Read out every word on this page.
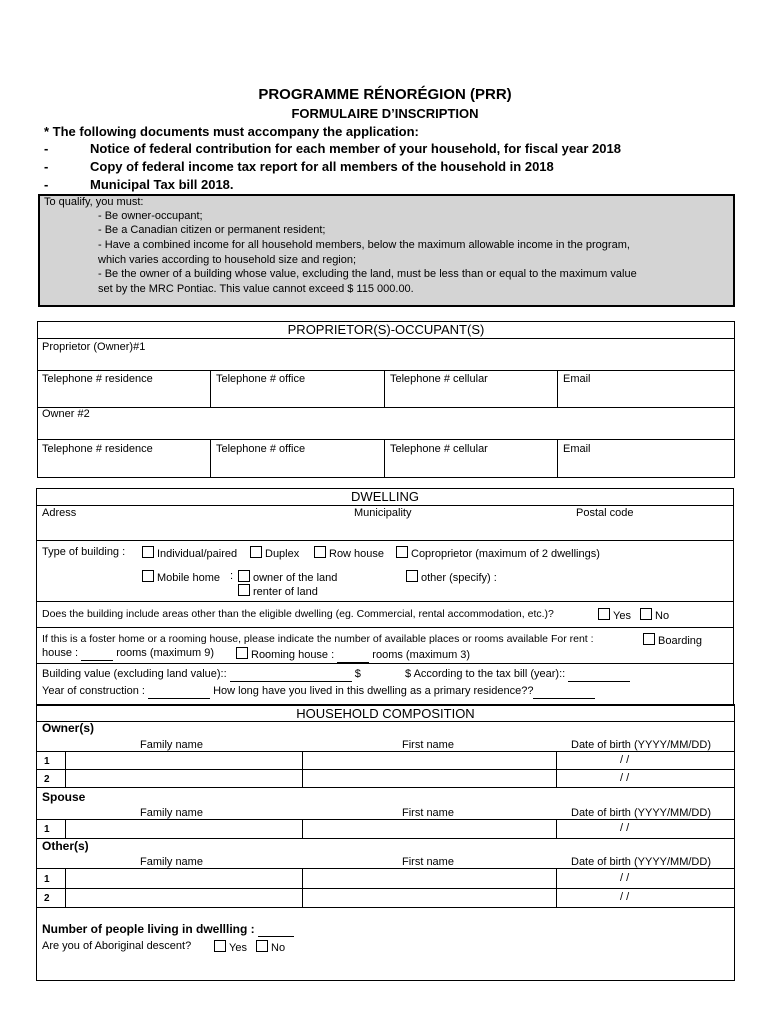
PROGRAMME RÉNORÉGION (PRR)
FORMULAIRE D’INSCRIPTION
* The following documents must accompany the application:
-	Notice of federal contribution for each member of your household, for fiscal year 2018
-	Copy of federal income tax report for all members of the household in 2018
-	Municipal Tax bill 2018.
To qualify, you must:
- Be owner-occupant;
- Be a Canadian citizen or permanent resident;
- Have a combined income for all household members, below the maximum allowable income in the program,
which varies according to household size and region;
- Be the owner of a building whose value, excluding the land, must be less than or equal to the maximum value
set by the MRC Pontiac. This value cannot exceed $ 115 000.00.
PROPRIETOR(S)-OCCUPANT(S)
Proprietor (Owner)#1
Telephone # residence	Telephone # office	Telephone # cellular	Email
Owner #2
Telephone # residence	Telephone # office	Telephone # cellular	Email
DWELLING
Adress	Municipality	Postal code
Type of building :	Individual/paired	Duplex	Row house	Coproprietor (maximum of 2 dwellings)
Mobile home :	owner of the land
renter of land
other (specify) :
Does the building include areas other than the eligible dwelling (eg. Commercial, rental accommodation, etc.)?	Yes	No
If this is a foster home or a rooming house, please indicate the number of available places or rooms available For rent :	Boarding
house :	rooms (maximum 9)	Rooming house :	rooms (maximum 3)
Building value (excluding land value)::	$	$ According to the tax bill (year)::
Year of construction :	How long have you lived in this dwelling as a primary residence??
HOUSEHOLD COMPOSITION
Owner(s)
Family name	First name	Date of birth (YYYY/MM/DD)
1	/ /
2	/ /
Spouse
Family name	First name	Date of birth (YYYY/MM/DD)
1	/ /
Other(s)
Family name	First name	Date of birth (YYYY/MM/DD)
1	/ /
2	/ /
Number of people living in dwellling :
Are you of Aboriginal descent?	Yes	No
